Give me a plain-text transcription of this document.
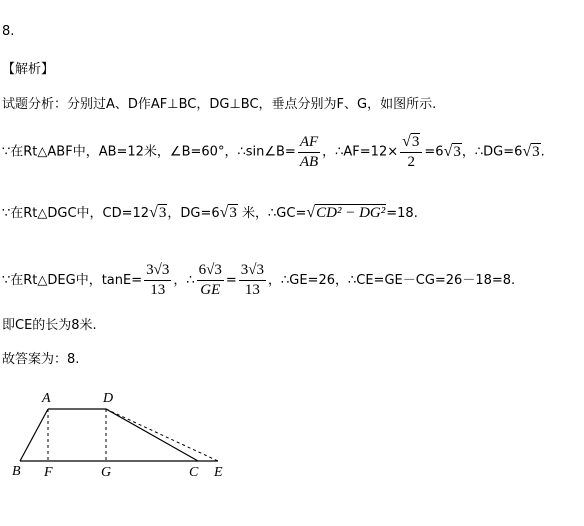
8.
【解析】
试题分析：分别过A、D作AF⊥BC，DG⊥BC，垂点分别为F、G，如图所示.
∵在Rt△ABF中，AB=12米，∠B=60°，∴sin∠B= $\frac{AF}{AB}$ ，∴AF=12× $\frac{√3}{2} =6√3$，∴DG=6√3.
∵在Rt△DGC中，CD=12√3，DG=6√3 米，∴GC=√CD² − DG²=18.
∵在Rt△DEG中，$\tan E= \frac{3√3}{13}$ ，∴ $\frac{6√3}{GE} = \frac{3√3}{13}$ ，∴GE=26，∴CE=GE－CG=26－18=8.
即CE的长为8米.
故答案为：8.
A	D
B F	G	C E
